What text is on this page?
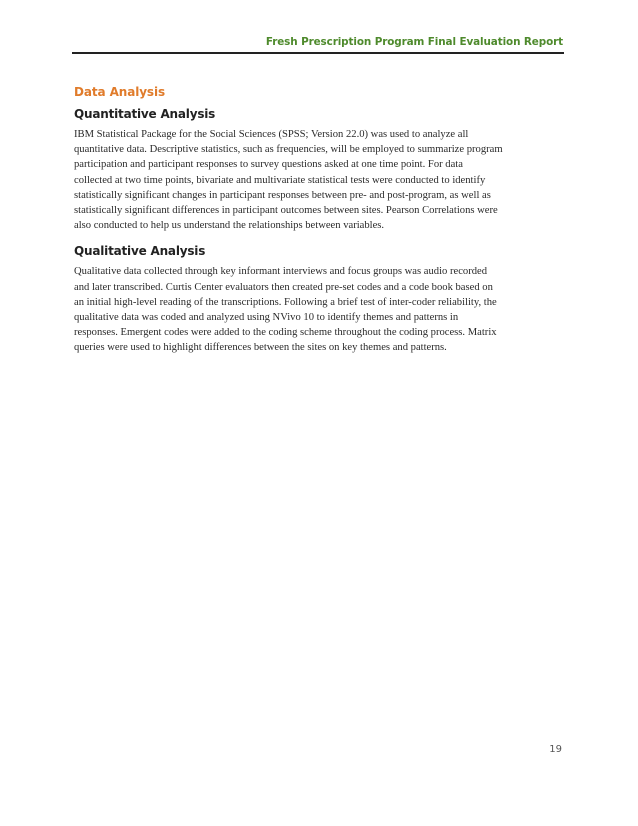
Fresh Prescription Program Final Evaluation Report
Data Analysis
Quantitative Analysis

IBM Statistical Package for the Social Sciences (SPSS; Version 22.0) was used to analyze all
quantitative data. Descriptive statistics, such as frequencies, will be employed to summarize program
participation and participant responses to survey questions asked at one time point. For data
collected at two time points, bivariate and multivariate statistical tests were conducted to identify
statistically significant changes in participant responses between pre- and post-program, as well as
statistically significant differences in participant outcomes between sites. Pearson Correlations were
also conducted to help us understand the relationships between variables.

Qualitative Analysis

Qualitative data collected through key informant interviews and focus groups was audio recorded
and later transcribed. Curtis Center evaluators then created pre-set codes and a code book based on
an initial high-level reading of the transcriptions. Following a brief test of inter-coder reliability, the
qualitative data was coded and analyzed using NVivo 10 to identify themes and patterns in
responses. Emergent codes were added to the coding scheme throughout the coding process. Matrix
queries were used to highlight differences between the sites on key themes and patterns.

19
